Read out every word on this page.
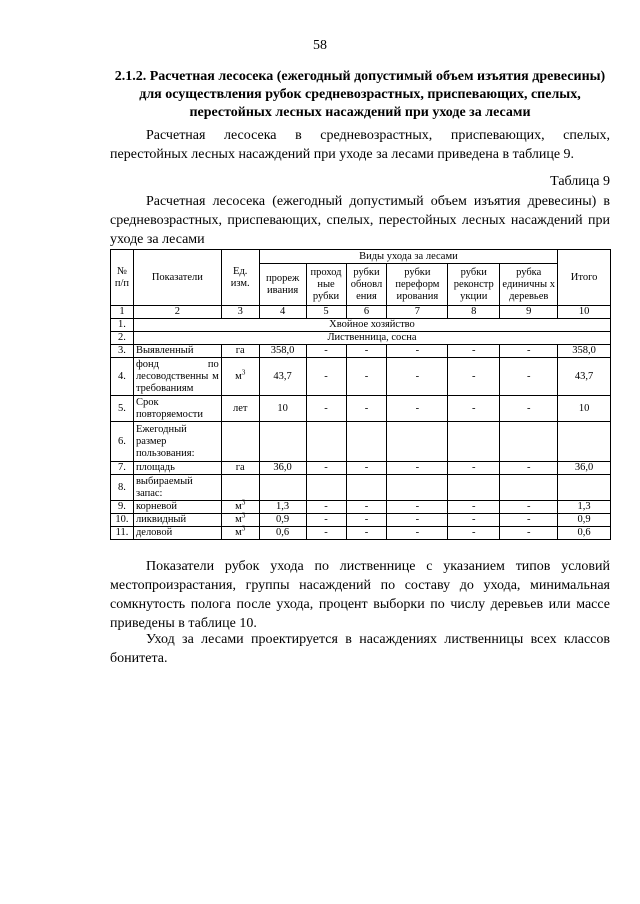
58
2.1.2. Расчетная лесосека (ежегодный допустимый объем изъятия древесины) для осуществления рубок средневозрастных, приспевающих, спелых, перестойных лесных насаждений при уходе за лесами
Расчетная лесосека в средневозрастных, приспевающих, спелых, перестойных лесных насаждений при уходе за лесами приведена в таблице 9.
Таблица 9
Расчетная лесосека (ежегодный допустимый объем изъятия древесины) в средневозрастных, приспевающих, спелых, перестойных лесных насаждений при уходе за лесами
№ п/п	Показатели	Ед. изм.	Виды ухода за лесами						Итого
			прореж ивания	проход ные рубки	рубки обновл ения	рубки переформ ирования	рубки реконстр укции	рубка единичны х деревьев	
1	2	3	4	5	6	7	8	9	10
1.	Хвойное хозяйство								
2.	Лиственница, сосна								
3.	Выявленный	га	358,0	-	-	-	-	-	358,0
4.	фонд по лесоводственны м требованиям	$м^3$	43,7	-	-	-	-	-	43,7
5.	Срок повторяемости	лет	10	-	-	-	-	-	10
6.	Ежегодный размер пользования:								
7.	площадь	га	36,0	-	-	-	-	-	36,0
8.	выбираемый запас:								
9.	корневой	$м^3$	1,3	-	-	-	-	-	1,3
10.	ликвидный	$м^3$	0,9	-	-	-	-	-	0,9
11.	деловой	$м^3$	0,6	-	-	-	-	-	0,6
Показатели рубок ухода по лиственнице с указанием типов условий местопроизрастания, группы насаждений по составу до ухода, минимальная сомкнутость полога после ухода, процент выборки по числу деревьев или массе приведены в таблице 10.
Уход за лесами проектируется в насаждениях лиственницы всех классов бонитета.
